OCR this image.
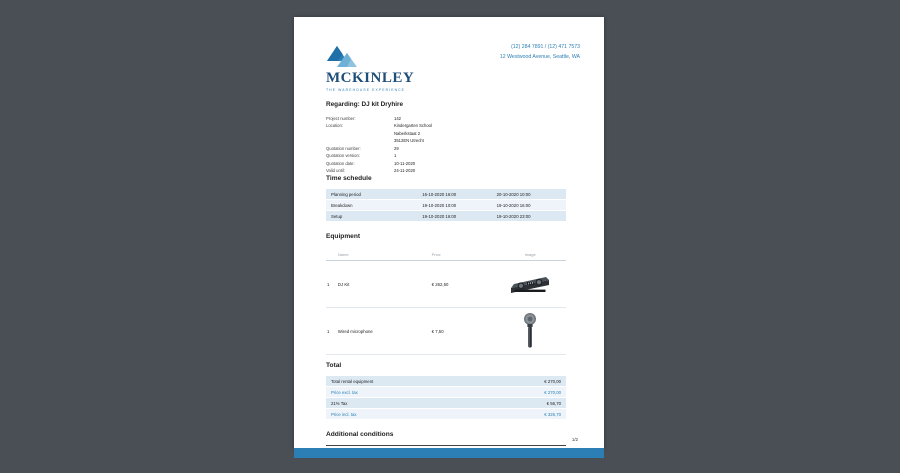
MCKINLEY
THE WAREHOUSE EXPERIENCE
(12) 284 7891 / (12) 471 7573
12 Westwood Avenue, Seattle, WA
Regarding: DJ kit Dryhire
Project number:	142
Location:	Kindergarten School
	Naberkstaat 2
	3512EN Utrecht
Quotation number:	29
Quotation version:	1
Quotation date:	10-11-2020
Valid until:	24-11-2020
Time schedule
Planning period	16-10-2020 16:00	20-10-2020 10:00
Breakdown	19-10-2020 10:00	19-10-2020 16:00
Setup	19-10-2020 16:00	19-10-2020 23:00
Equipment
	Name	Price	Image
1	DJ Kit	€ 262,50	
1	Wired microphone	€ 7,50	
Total
Total rental equipment		€ 270,00
Price excl. tax		€ 270,00
21% Tax		€ 56,70
Price incl. tax		€ 326,70
Additional conditions
1/2
